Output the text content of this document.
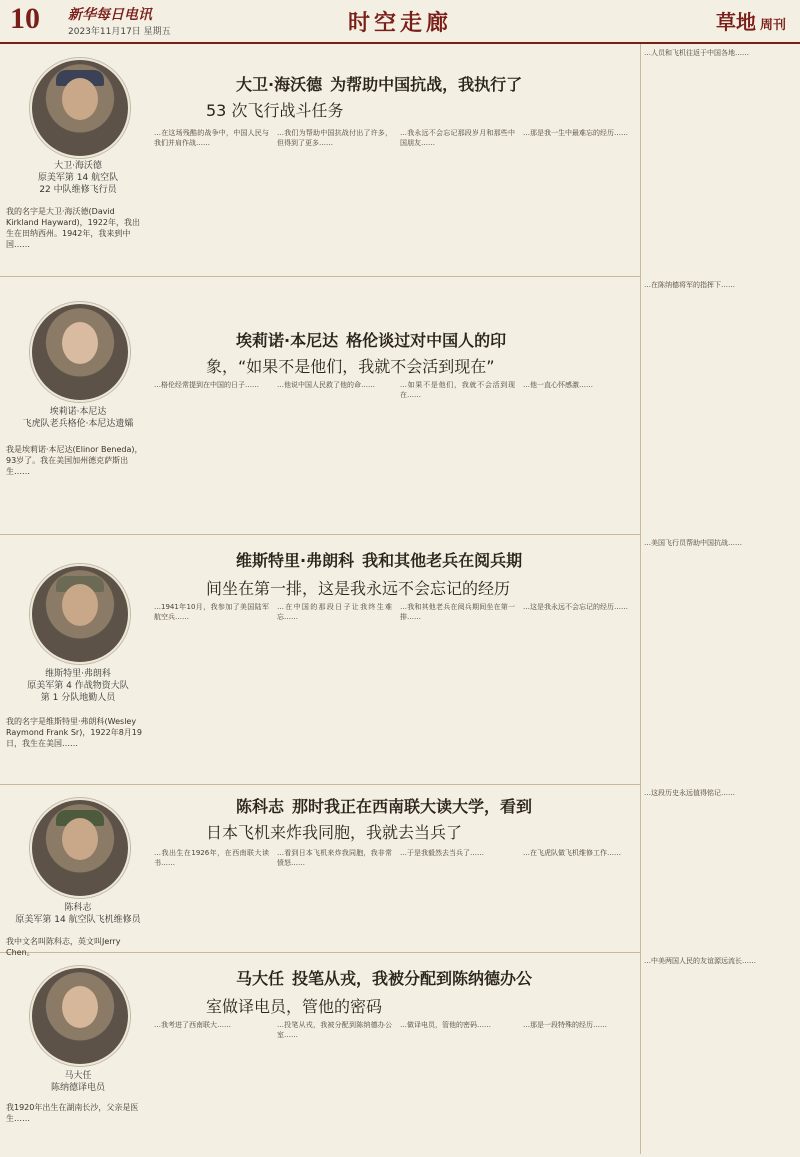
10 新华每日电讯
2023年11月17日 星期五	时空走廊	草地 周刊
大卫·海沃德
原美军第 14 航空队
22 中队维修飞行员
我的名字是大卫·海沃德(David Kirkland Hayward)，1922年，我出生在田纳西州。1942年，我来到中国……
大卫·海沃德 为帮助中国抗战，我执行了
53 次飞行战斗任务
…在这场残酷的战争中，中国人民与我们并肩作战……
…我们为帮助中国抗战付出了许多，但得到了更多……
…我永远不会忘记那段岁月和那些中国朋友……
…那是我一生中最难忘的经历……
埃莉诺·本尼达
飞虎队老兵格伦·本尼达遗孀
我是埃莉诺·本尼达(Elinor Beneda)，93岁了。我在美国加州德克萨斯出生……
埃莉诺·本尼达 格伦谈过对中国人的印
象，“如果不是他们，我就不会活到现在”
…格伦经常提到在中国的日子……	…他说中国人民救了他的命……	…如果不是他们，我就不会活到现在……
…他一直心怀感激……
维斯特里·弗朗科
原美军第 4 作战物资大队
第 1 分队地勤人员
我的名字是维斯特里·弗朗科(Wesley Raymond Frank Sr)，1922年8月19日，我生在美国……
维斯特里·弗朗科 我和其他老兵在阅兵期
间坐在第一排，这是我永远不会忘记的经历
…1941年10月，我参加了美国陆军航空兵……
…在中国的那段日子让我终生难忘……
…我和其他老兵在阅兵期间坐在第一排……
…这是我永远不会忘记的经历……
陈科志
原美军第 14 航空队飞机维修员
我中文名叫陈科志，英文叫Jerry Chen。
陈科志 那时我正在西南联大读大学，看到
日本飞机来炸我同胞，我就去当兵了
…我出生在1926年，在西南联大读书……
…看到日本飞机来炸我同胞，我非常愤怒……
…于是我毅然去当兵了……	…在飞虎队做飞机维修工作……
马大任
陈纳德译电员
我1920年出生在湖南长沙，父亲是医生……
马大任 投笔从戎，我被分配到陈纳德办公
室做译电员，管他的密码
…我考进了西南联大……	…投笔从戎，我被分配到陈纳德办公室……
…做译电员，管他的密码……	…那是一段特殊的经历……
…人员和飞机往返于中国各地……
…在陈纳德将军的指挥下……
…美国飞行员帮助中国抗战……
…这段历史永远值得铭记……
…中美两国人民的友谊源远流长……
